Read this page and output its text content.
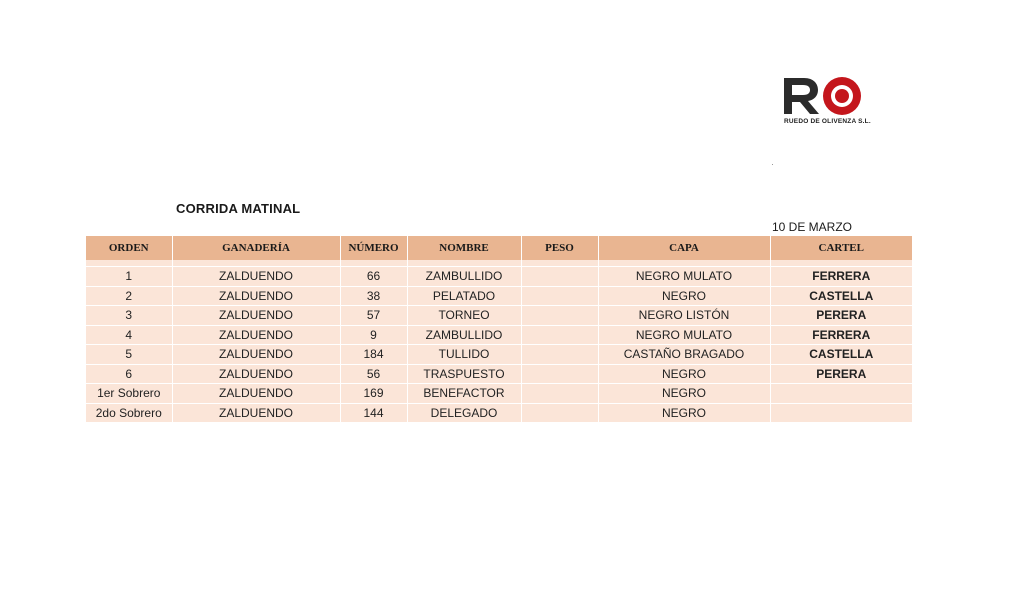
RUEDO DE OLIVENZA S.L.
CORRIDA MATINAL
10 DE MARZO
ORDEN	GANADERÍA	NÚMERO	NOMBRE	PESO	CAPA	CARTEL

1	ZALDUENDO	66	ZAMBULLIDO		NEGRO MULATO	FERRERA
2	ZALDUENDO	38	PELATADO		NEGRO	CASTELLA
3	ZALDUENDO	57	TORNEO		NEGRO LISTÓN	PERERA
4	ZALDUENDO	9	ZAMBULLIDO		NEGRO MULATO	FERRERA
5	ZALDUENDO	184	TULLIDO		CASTAÑO BRAGADO	CASTELLA
6	ZALDUENDO	56	TRASPUESTO		NEGRO	PERERA
1er Sobrero	ZALDUENDO	169	BENEFACTOR		NEGRO	
2do Sobrero	ZALDUENDO	144	DELEGADO		NEGRO	
